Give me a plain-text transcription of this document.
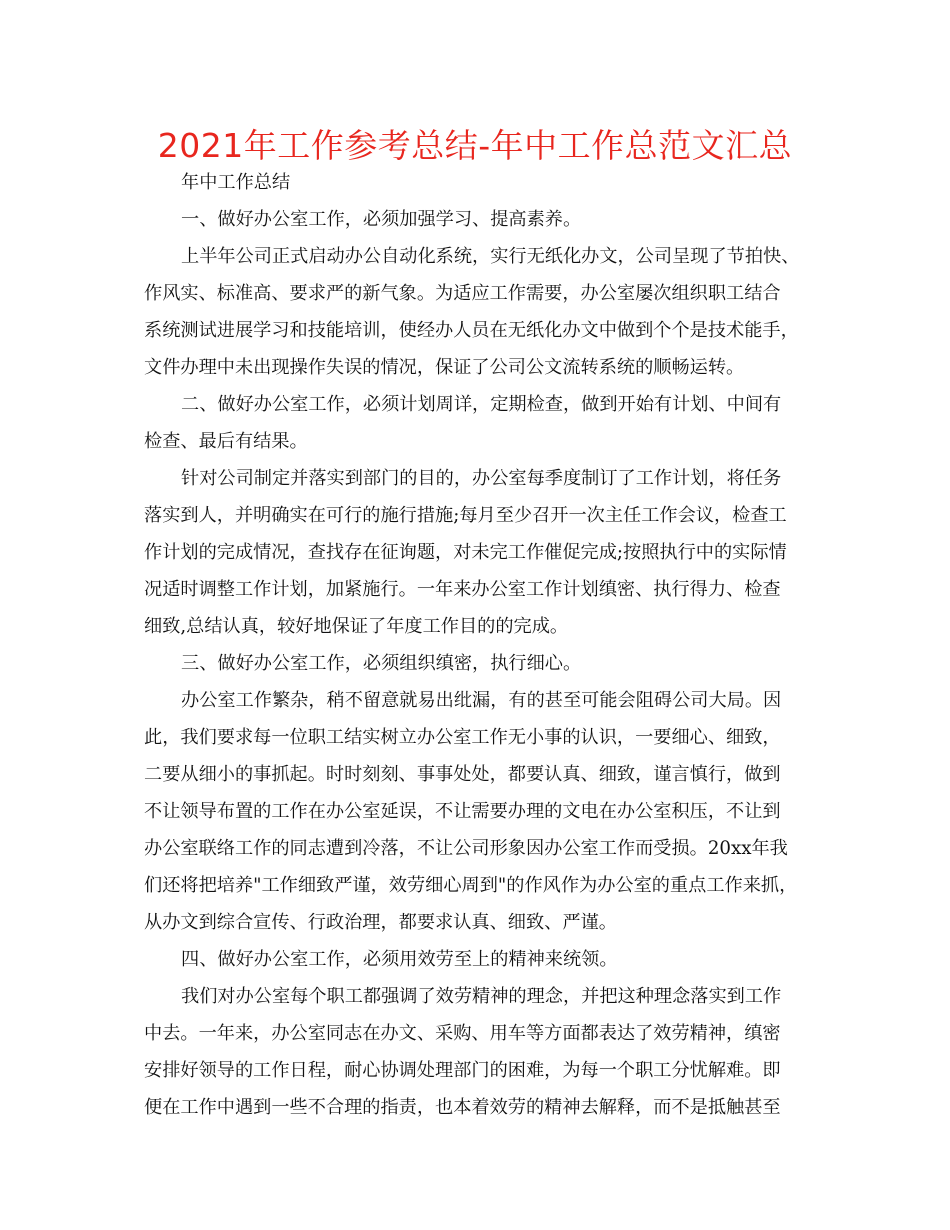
2021年工作参考总结-年中工作总范文汇总
年中工作总结
一、做好办公室工作，必须加强学习、提高素养。
上半年公司正式启动办公自动化系统，实行无纸化办文，公司呈现了节拍快、
作风实、标准高、要求严的新气象。为适应工作需要，办公室屡次组织职工结合
系统测试进展学习和技能培训，使经办人员在无纸化办文中做到个个是技术能手，
文件办理中未出现操作失误的情况，保证了公司公文流转系统的顺畅运转。
二、做好办公室工作，必须计划周详，定期检查，做到开始有计划、中间有
检查、最后有结果。
针对公司制定并落实到部门的目的，办公室每季度制订了工作计划，将任务
落实到人，并明确实在可行的施行措施;每月至少召开一次主任工作会议，检查工
作计划的完成情况，查找存在征询题，对未完工作催促完成;按照执行中的实际情
况适时调整工作计划，加紧施行。一年来办公室工作计划缜密、执行得力、检查
细致,总结认真，较好地保证了年度工作目的的完成。
三、做好办公室工作，必须组织缜密，执行细心。
办公室工作繁杂，稍不留意就易出纰漏，有的甚至可能会阻碍公司大局。因
此，我们要求每一位职工结实树立办公室工作无小事的认识，一要细心、细致，
二要从细小的事抓起。时时刻刻、事事处处，都要认真、细致，谨言慎行，做到
不让领导布置的工作在办公室延误，不让需要办理的文电在办公室积压，不让到
办公室联络工作的同志遭到冷落，不让公司形象因办公室工作而受损。20xx年我
们还将把培养"工作细致严谨，效劳细心周到"的作风作为办公室的重点工作来抓，
从办文到综合宣传、行政治理，都要求认真、细致、严谨。
四、做好办公室工作，必须用效劳至上的精神来统领。
我们对办公室每个职工都强调了效劳精神的理念，并把这种理念落实到工作
中去。一年来，办公室同志在办文、采购、用车等方面都表达了效劳精神，缜密
安排好领导的工作日程，耐心协调处理部门的困难，为每一个职工分忧解难。即
便在工作中遇到一些不合理的指责，也本着效劳的精神去解释，而不是抵触甚至
